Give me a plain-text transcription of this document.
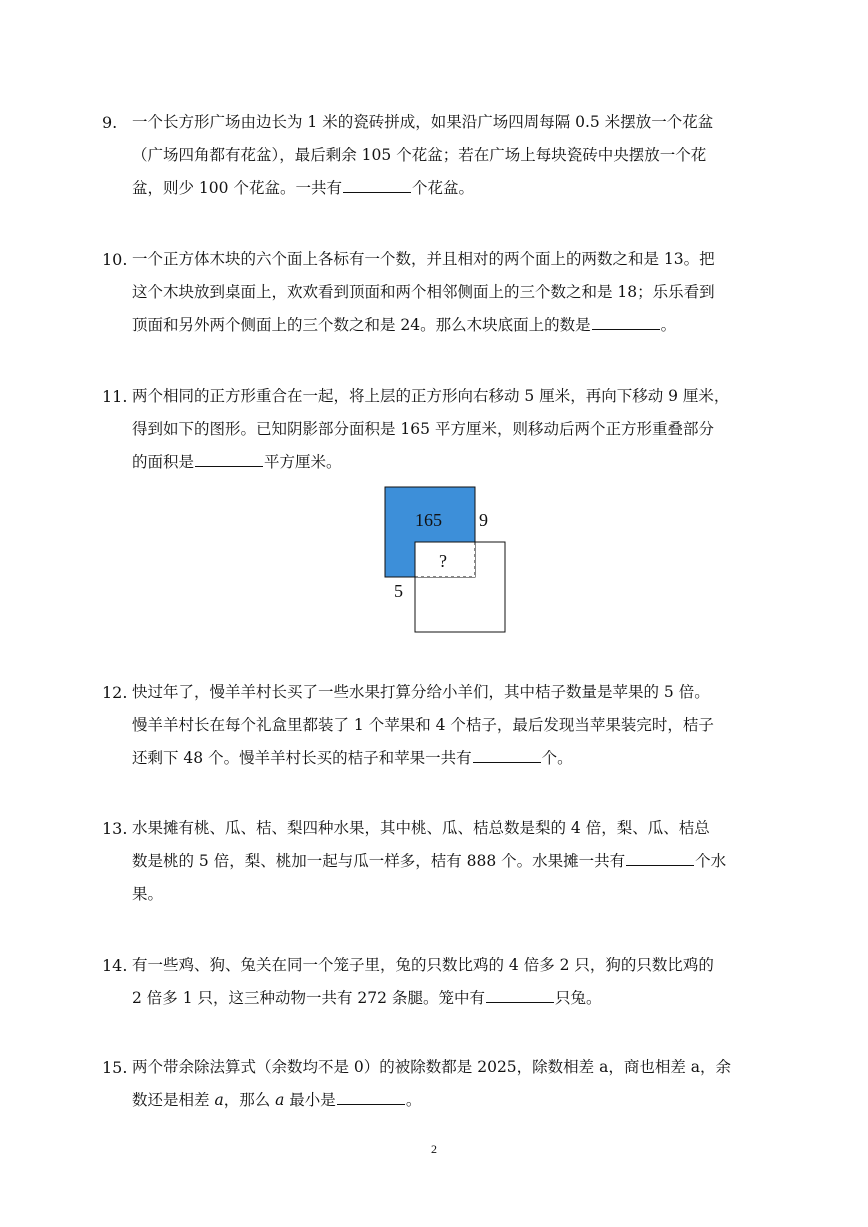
9. 一个长方形广场由边长为 1 米的瓷砖拼成，如果沿广场四周每隔 0.5 米摆放一个花盆
（广场四角都有花盆），最后剩余 105 个花盆；若在广场上每块瓷砖中央摆放一个花
盆，则少 100 个花盆。一共有	个花盆。
10. 一个正方体木块的六个面上各标有一个数，并且相对的两个面上的两数之和是 13。把
这个木块放到桌面上，欢欢看到顶面和两个相邻侧面上的三个数之和是 18；乐乐看到
顶面和另外两个侧面上的三个数之和是 24。那么木块底面上的数是	。
11. 两个相同的正方形重合在一起，将上层的正方形向右移动 5 厘米，再向下移动 9 厘米，
得到如下的图形。已知阴影部分面积是 165 平方厘米，则移动后两个正方形重叠部分
的面积是	平方厘米。
165
?
9
5
12. 快过年了，慢羊羊村长买了一些水果打算分给小羊们，其中桔子数量是苹果的 5 倍。
慢羊羊村长在每个礼盒里都装了 1 个苹果和 4 个桔子，最后发现当苹果装完时，桔子
还剩下 48 个。慢羊羊村长买的桔子和苹果一共有	个。
13. 水果摊有桃、瓜、桔、梨四种水果，其中桃、瓜、桔总数是梨的 4 倍，梨、瓜、桔总
数是桃的 5 倍，梨、桃加一起与瓜一样多，桔有 888 个。水果摊一共有	个水
果。
14. 有一些鸡、狗、兔关在同一个笼子里，兔的只数比鸡的 4 倍多 2 只，狗的只数比鸡的
2 倍多 1 只，这三种动物一共有 272 条腿。笼中有	只兔。
15. 两个带余除法算式（余数均不是 0）的被除数都是 2025，除数相差 a，商也相差 a，余
数还是相差 a，那么 a 最小是	。
2
